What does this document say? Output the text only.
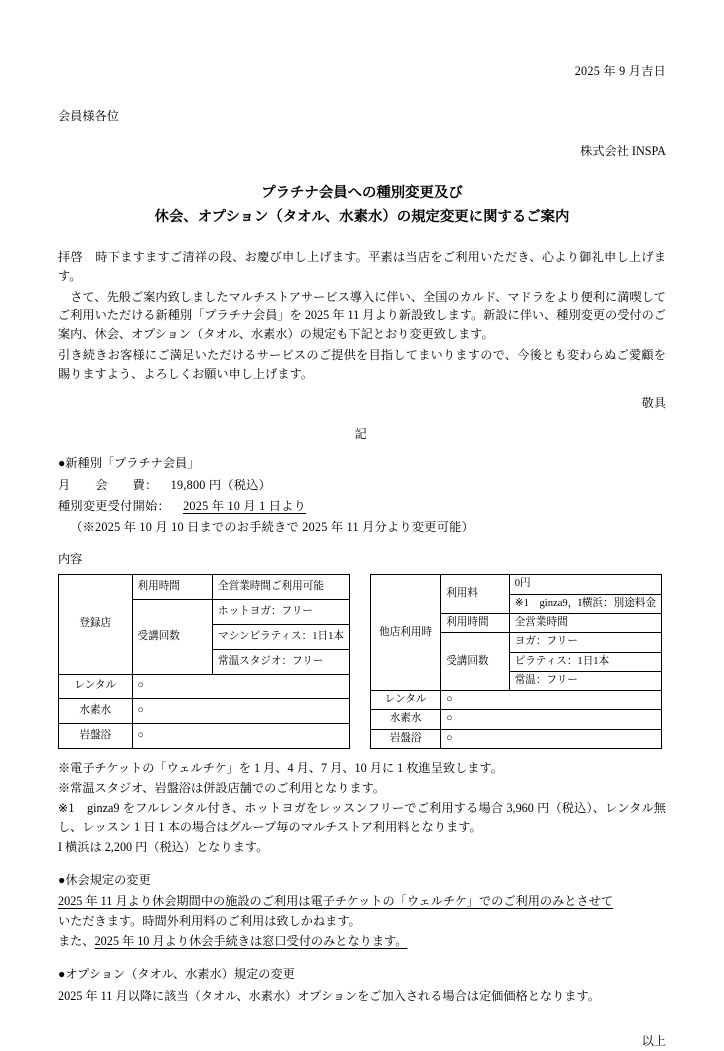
2025 年 9 月吉日
会員様各位
株式会社 INSPA
プラチナ会員への種別変更及び
休会、オプション（タオル、水素水）の規定変更に関するご案内
拝啓　時下ますますご清祥の段、お慶び申し上げます。平素は当店をご利用いただき、心より御礼申し上げます。
　さて、先般ご案内致しましたマルチストアサービス導入に伴い、全国のカルド、マドラをより便利に満喫してご利用いただける新種別「プラチナ会員」を 2025 年 11 月より新設致します。新設に伴い、種別変更の受付のご案内、休会、オプション（タオル、水素水）の規定も下記とおり変更致します。
引き続きお客様にご満足いただけるサービスのご提供を目指してまいりますので、今後とも変わらぬご愛顧を賜りますよう、よろしくお願い申し上げます。
敬具
記
●新種別「プラチナ会員」
月　　会　　費： 19,800 円（税込）
種別変更受付開始： 2025 年 10 月 1 日より
（※2025 年 10 月 10 日までのお手続きで 2025 年 11 月分より変更可能）
内容
登録店	利用時間	全営業時間ご利用可能
	受講回数	ホットヨガ：フリー
		マシンピラティス：1日1本
		常温スタジオ：フリー
レンタル	○	
水素水	○	
岩盤浴	○	
他店利用時	利用料	0円
		※1　ginza9，I横浜：別途料金
	利用時間	全営業時間
	受講回数	ヨガ：フリー
		ピラティス：1日1本
		常温：フリー
レンタル	○	
水素水	○	
岩盤浴	○	
※電子チケットの「ウェルチケ」を 1 月、4 月、7 月、10 月に 1 枚進呈致します。
※常温スタジオ、岩盤浴は併設店舗でのご利用となります。
※1　ginza9 をフルレンタル付き、ホットヨガをレッスンフリーでご利用する場合 3,960 円（税込）、レンタル無し、レッスン 1 日 1 本の場合はグループ毎のマルチストア利用料となります。
I 横浜は 2,200 円（税込）となります。
●休会規定の変更
2025 年 11 月より休会期間中の施設のご利用は電子チケットの「ウェルチケ」でのご利用のみとさせて
いただきます。時間外利用料のご利用は致しかねます。
また、2025 年 10 月より休会手続きは窓口受付のみとなります。
●オプション（タオル、水素水）規定の変更
2025 年 11 月以降に該当（タオル、水素水）オプションをご加入される場合は定価価格となります。
以上
